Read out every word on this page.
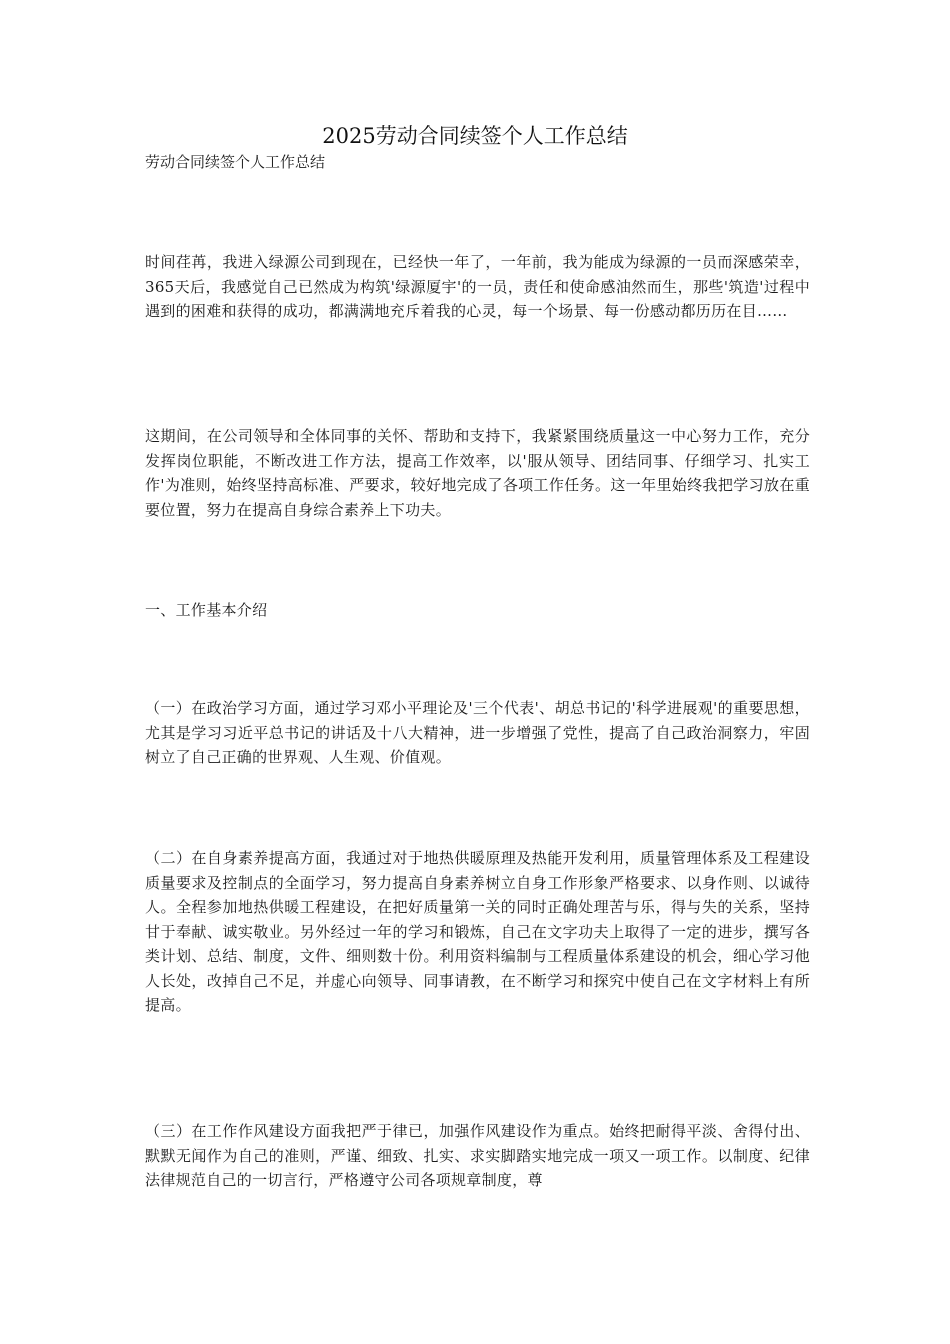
2025劳动合同续签个人工作总结

劳动合同续签个人工作总结

时间荏苒，我进入绿源公司到现在，已经快一年了，一年前，我为能成为绿源的一员而深感荣幸，365天后，我感觉自己已然成为构筑'绿源厦宇'的一员，责任和使命感油然而生，那些'筑造'过程中遇到的困难和获得的成功，都满满地充斥着我的心灵，每一个场景、每一份感动都历历在目……

这期间，在公司领导和全体同事的关怀、帮助和支持下，我紧紧围绕质量这一中心努力工作，充分发挥岗位职能，不断改进工作方法，提高工作效率，以'服从领导、团结同事、仔细学习、扎实工作'为准则，始终坚持高标准、严要求，较好地完成了各项工作任务。这一年里始终我把学习放在重要位置，努力在提高自身综合素养上下功夫。

一、工作基本介绍

（一）在政治学习方面，通过学习邓小平理论及'三个代表'、胡总书记的'科学进展观'的重要思想，尤其是学习习近平总书记的讲话及十八大精神，进一步增强了党性，提高了自己政治洞察力，牢固树立了自己正确的世界观、人生观、价值观。

（二）在自身素养提高方面，我通过对于地热供暖原理及热能开发利用，质量管理体系及工程建设质量要求及控制点的全面学习，努力提高自身素养树立自身工作形象严格要求、以身作则、以诚待人。全程参加地热供暖工程建设，在把好质量第一关的同时正确处理苦与乐，得与失的关系，坚持甘于奉献、诚实敬业。另外经过一年的学习和锻炼，自己在文字功夫上取得了一定的进步，撰写各类计划、总结、制度，文件、细则数十份。利用资料编制与工程质量体系建设的机会，细心学习他人长处，改掉自己不足，并虚心向领导、同事请教，在不断学习和探究中使自己在文字材料上有所提高。

（三）在工作作风建设方面我把严于律已，加强作风建设作为重点。始终把耐得平淡、舍得付出、默默无闻作为自己的准则，严谨、细致、扎实、求实脚踏实地完成一项又一项工作。以制度、纪律法律规范自己的一切言行，严格遵守公司各项规章制度，尊
